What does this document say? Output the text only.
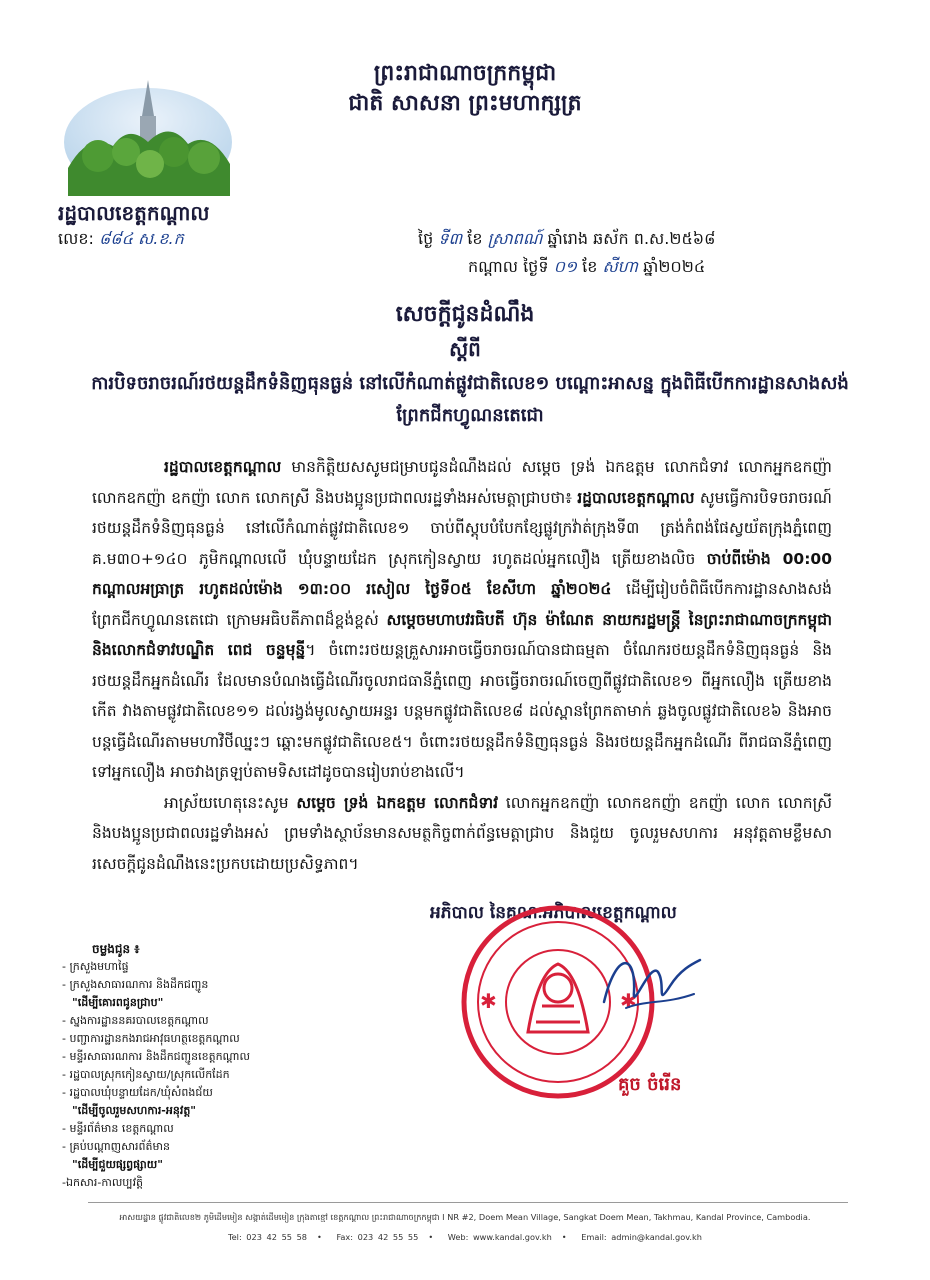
ព្រះរាជាណាចក្រកម្ពុជា
ជាតិ សាសនា ព្រះមហាក្សត្រ
រដ្ឋបាលខេត្តកណ្តាល
លេខ: ៨៨៤ ស.ខ.ក	ថ្ងៃ ទី៣ ខែ ស្រាពណ៍ ឆ្នាំរោង ឆស័ក ព.ស.២៥៦៨
កណ្តាល ថ្ងៃទី ០១ ខែ សីហា ឆ្នាំ២០២៤
សេចក្តីជូនដំណឹង
ស្តីពី
ការបិទចរាចរណ៍រថយន្តដឹកទំនិញធុនធ្ងន់ នៅលើកំណាត់ផ្លូវជាតិលេខ១ បណ្តោះអាសន្ន ក្នុងពិធីបើកការដ្ឋានសាងសង់ព្រែកជីកហ្វូណនតេជោ

រដ្ឋបាលខេត្តកណ្តាល មានកិត្តិយសសូមជម្រាបជូនដំណឹងដល់ សម្តេច ទ្រង់ ឯកឧត្តម លោកជំទាវ លោកអ្នកឧកញ៉ា លោកឧកញ៉ា ឧកញ៉ា លោក លោកស្រី និងបងប្អូនប្រជាពលរដ្ឋទាំងអស់មេត្តាជ្រាបថា៖ រដ្ឋបាលខេត្តកណ្តាល សូមធ្វើការបិទចរាចរណ៍រថយន្តដឹកទំនិញធុនធ្ងន់ នៅលើកំណាត់ផ្លូវជាតិលេខ១ ចាប់ពីស្តុបបំបែកខ្សែផ្លូវក្រវ៉ាត់ក្រុងទី៣ ត្រង់កំពង់ផែស្វយ័តក្រុងភ្នំពេញ គ.ម៣០+១៤០ ភូមិកណ្តាលលើ ឃុំបន្ទាយដែក ស្រុកកៀនស្វាយ រហូតដល់អ្នកលឿង ត្រើយខាងលិច ចាប់ពីម៉ោង 00:00 កណ្តាលអធ្រាត្រ រហូតដល់ម៉ោង ១៣:០០ រសៀល ថ្ងៃទី០៥ ខែសីហា ឆ្នាំ២០២៤ ដើម្បីរៀបចំពិធីបើកការដ្ឋានសាងសង់ព្រែកជីកហ្វូណនតេជោ ក្រោមអធិបតីភាពដ៏ខ្ពង់ខ្ពស់ សម្តេចមហាបវរធិបតី ហ៊ុន ម៉ាណែត នាយករដ្ឋមន្ត្រី នៃព្រះរាជាណាចក្រកម្ពុជា និងលោកជំទាវបណ្ឌិត ពេជ ចន្ទមុន្នី។ ចំពោះរថយន្តគ្រួសារអាចធ្វើចរាចរណ៍បានជាធម្មតា ចំណែករថយន្តដឹកទំនិញធុនធ្ងន់ និងរថយន្តដឹកអ្នកដំណើរ ដែលមានបំណងធ្វើដំណើរចូលរាជធានីភ្នំពេញ អាចធ្វើចរាចរណ៍ចេញពីផ្លូវជាតិលេខ១ ពីអ្នកលឿង ត្រើយខាងកើត វាងតាមផ្លូវជាតិលេខ១១ ដល់រង្វង់មូលស្វាយអន្ទរ បន្តមកផ្លូវជាតិលេខ៨ ដល់ស្ពានព្រែកតាមាក់ ឆ្លងចូលផ្លូវជាតិលេខ៦ និងអាចបន្តធ្វើដំណើរតាមមហាវិថីឈ្នះៗ ឆ្ពោះមកផ្លូវជាតិលេខ៥។ ចំពោះរថយន្តដឹកទំនិញធុនធ្ងន់ និងរថយន្តដឹកអ្នកដំណើរ ពីរាជធានីភ្នំពេញទៅអ្នកលឿង អាចវាងត្រឡប់តាមទិសដៅដូចបានរៀបរាប់ខាងលើ។

អាស្រ័យហេតុនេះសូម សម្តេច ទ្រង់ ឯកឧត្តម លោកជំទាវ លោកអ្នកឧកញ៉ា លោកឧកញ៉ា ឧកញ៉ា លោក លោកស្រី និងបងប្អូនប្រជាពលរដ្ឋទាំងអស់ ព្រមទាំងស្ថាប័នមានសមត្ថកិច្ចពាក់ព័ន្ធមេត្តាជ្រាប និងជួយ ចូលរួមសហការ អនុវត្តតាមខ្លឹមសារសេចក្តីជូនដំណឹងនេះប្រកបដោយប្រសិទ្ធភាព។

អភិបាល នៃគណៈអភិបាលខេត្តកណ្តាល
✱	✱
គួច ចំរើន
ចម្លងជូន ៖
- ក្រសួងមហាផ្ទៃ
- ក្រសួងសាធារណការ និងដឹកជញ្ជូន
"ដើម្បីគោរពជូនជ្រាប"
- ស្នងការដ្ឋាននគរបាលខេត្តកណ្តាល
- បញ្ជាការដ្ឋានកងរាជអាវុធហត្ថខេត្តកណ្តាល
- មន្ទីរសាធារណការ និងដឹកជញ្ជូនខេត្តកណ្តាល
- រដ្ឋបាលស្រុកកៀនស្វាយ/ស្រុកលើកដែក
- រដ្ឋបាលឃុំបន្ទាយដែក/ឃុំសំពងជ័យ
"ដើម្បីចូលរួមសហការ-អនុវត្ត"
- មន្ទីរព័ត៌មាន ខេត្តកណ្តាល
- គ្រប់បណ្តាញសារព័ត៌មាន
"ដើម្បីជួយផ្សព្វផ្សាយ"
-ឯកសារ-កាលប្បវត្តិ
អាសយដ្ឋាន ផ្លូវជាតិលេខ២ ភូមិដើមមៀន សង្កាត់ដើមមៀន ក្រុងតាខ្មៅ ខេត្តកណ្តាល ព្រះរាជាណាចក្រកម្ពុជា I NR #2, Doem Mean Village, Sangkat Doem Mean, Takhmau, Kandal Province, Cambodia.
Tel: 023 42 55 58 • Fax: 023 42 55 55 • Web: www.kandal.gov.kh • Email: admin@kandal.gov.kh
